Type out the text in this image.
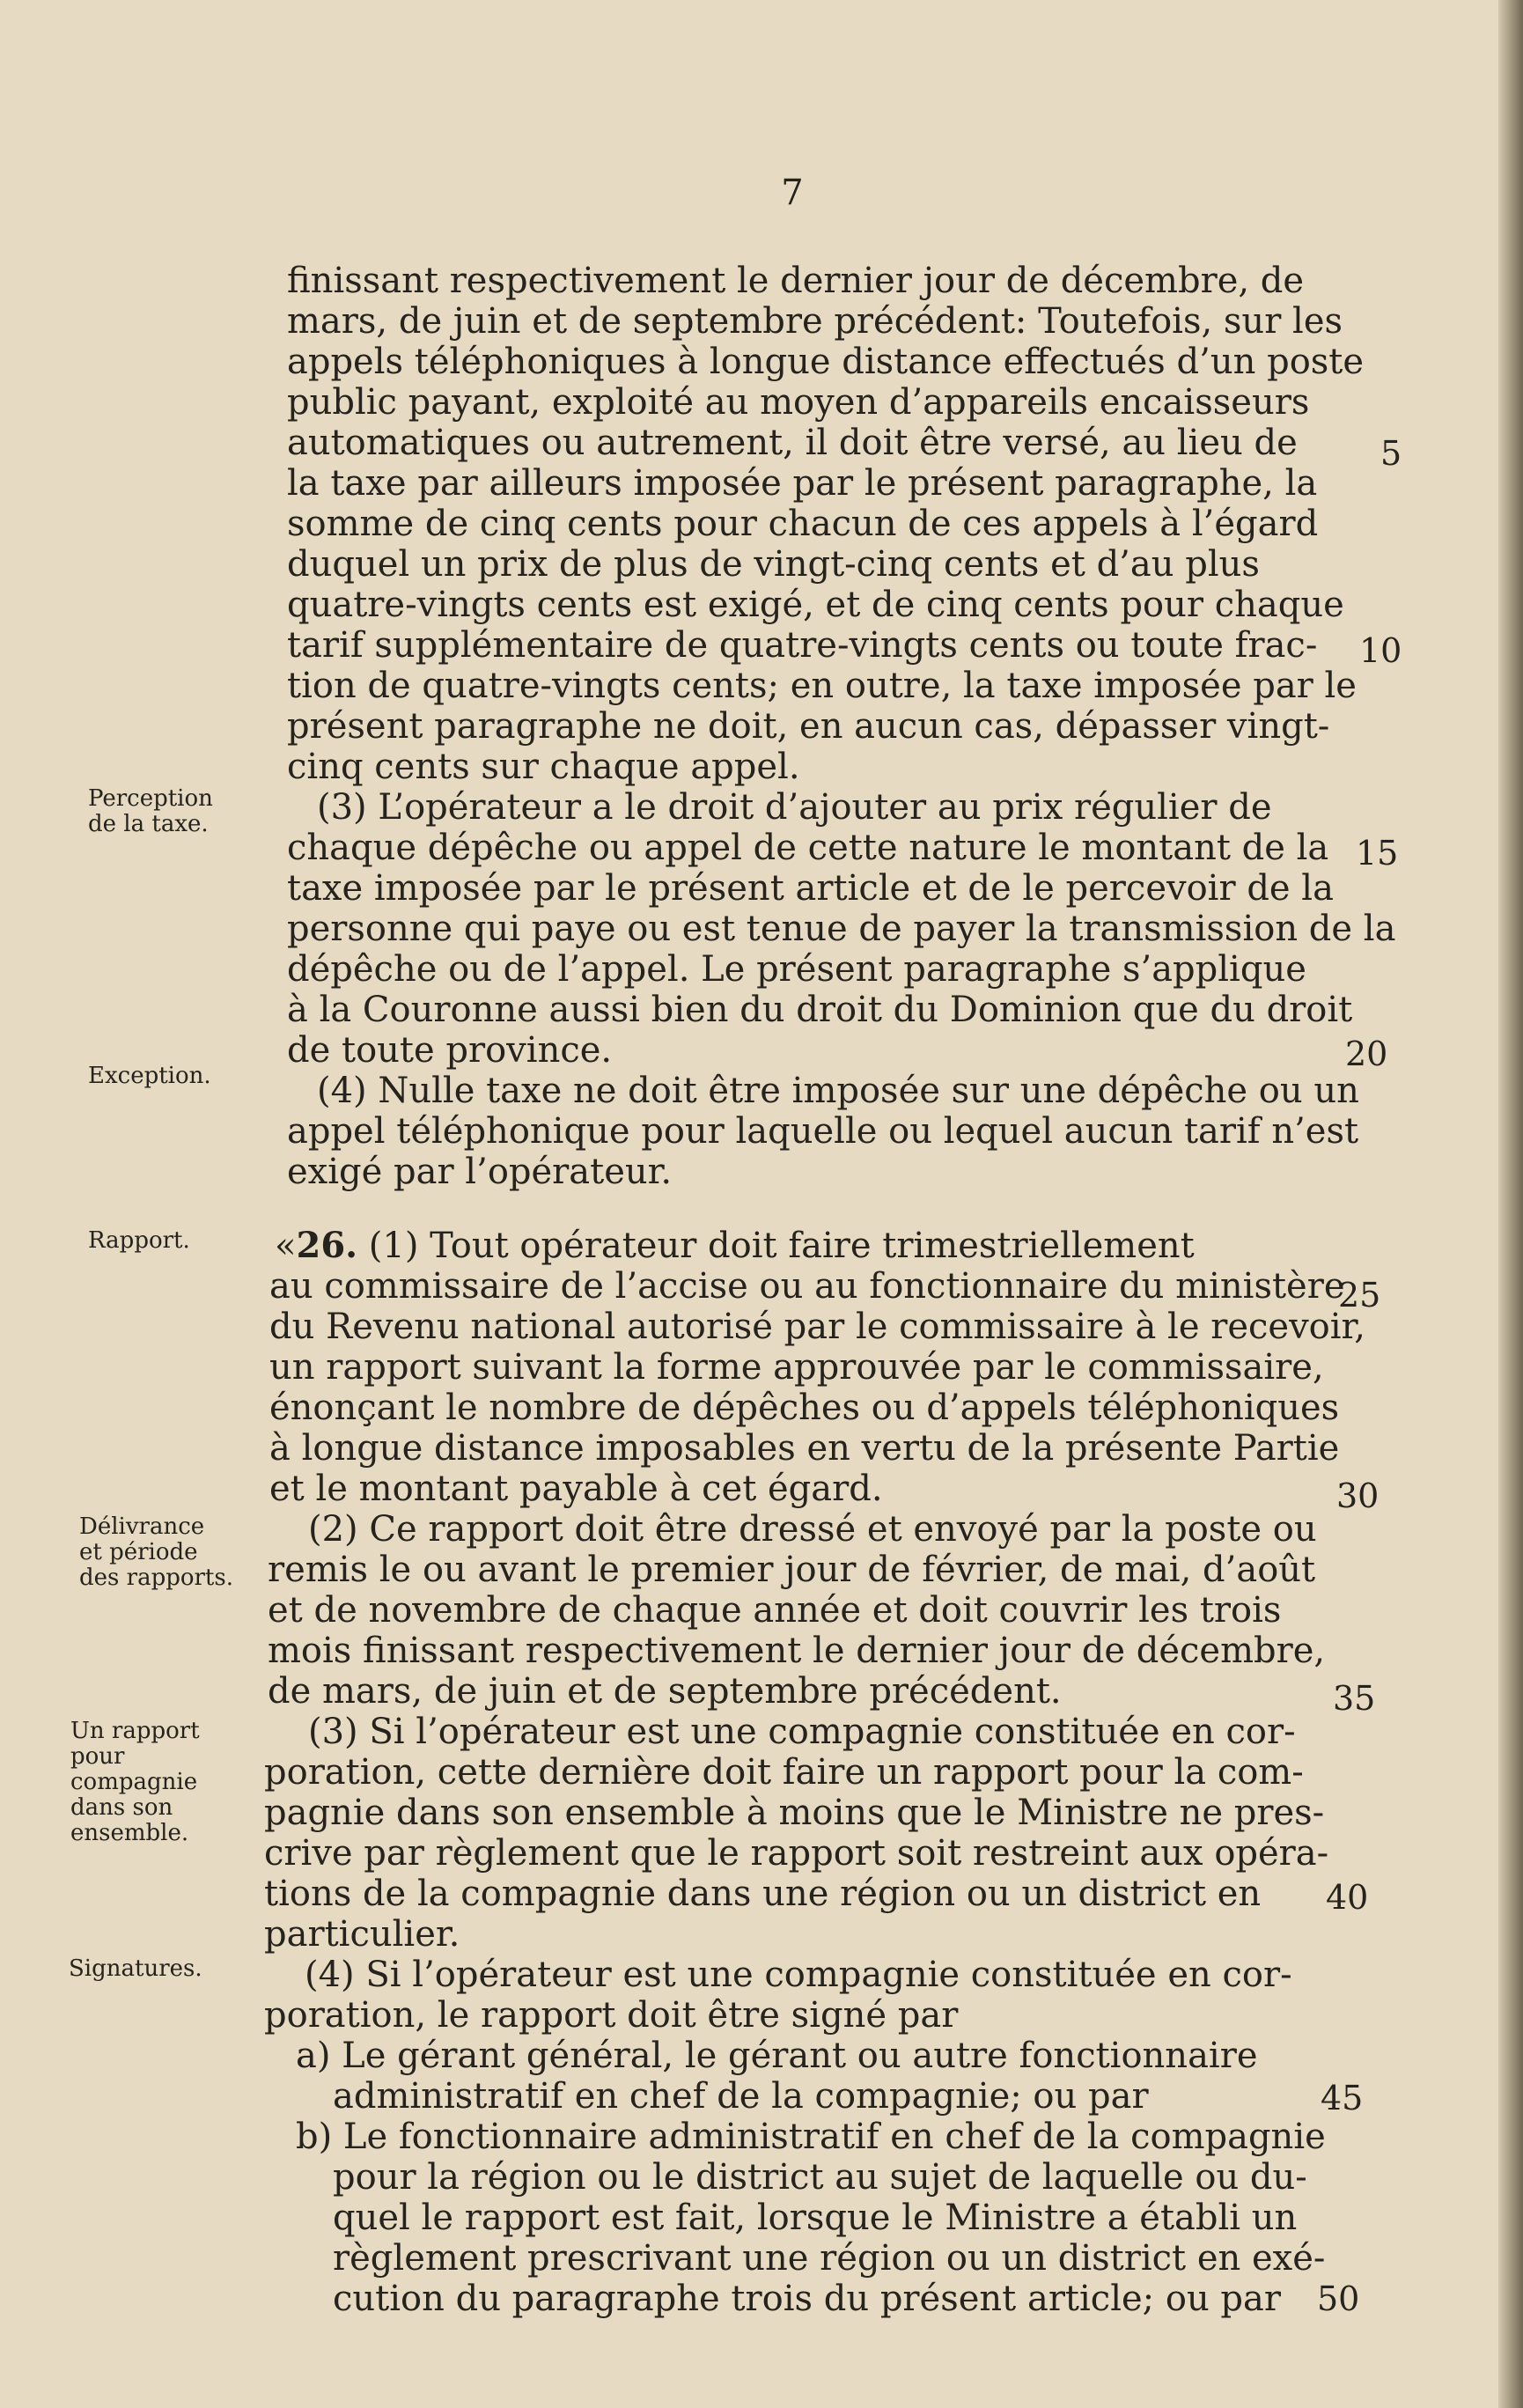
7

finissant respectivement le dernier jour de décembre, de

mars, de juin et de septembre précédent: Toutefois, sur les

appels téléphoniques à longue distance effectués d’un poste

public payant, exploité au moyen d’appareils encaisseurs

automatiques ou autrement, il doit être versé, au lieu de

la taxe par ailleurs imposée par le présent paragraphe, la

somme de cinq cents pour chacun de ces appels à l’égard

duquel un prix de plus de vingt-cinq cents et d’au plus

quatre-vingts cents est exigé, et de cinq cents pour chaque

tarif supplémentaire de quatre-vingts cents ou toute frac-

tion de quatre-vingts cents; en outre, la taxe imposée par le

présent paragraphe ne doit, en aucun cas, dépasser vingt-

cinq cents sur chaque appel.

Perception
de la taxe.	(3) L’opérateur a le droit d’ajouter au prix régulier de

chaque dépêche ou appel de cette nature le montant de la

taxe imposée par le présent article et de le percevoir de la

personne qui paye ou est tenue de payer la transmission de la

dépêche ou de l’appel. Le présent paragraphe s’applique

à la Couronne aussi bien du droit du Dominion que du droit

de toute province.

Exception.	(4) Nulle taxe ne doit être imposée sur une dépêche ou un

appel téléphonique pour laquelle ou lequel aucun tarif n’est

exigé par l’opérateur.

Rapport. «26. (1) Tout opérateur doit faire trimestriellement

au commissaire de l’accise ou au fonctionnaire du ministère

du Revenu national autorisé par le commissaire à le recevoir,

un rapport suivant la forme approuvée par le commissaire,

énonçant le nombre de dépêches ou d’appels téléphoniques

à longue distance imposables en vertu de la présente Partie

et le montant payable à cet égard.

Délivrance
et période
des rapports.

(2) Ce rapport doit être dressé et envoyé par la poste ou

remis le ou avant le premier jour de février, de mai, d’août

et de novembre de chaque année et doit couvrir les trois

mois finissant respectivement le dernier jour de décembre,

de mars, de juin et de septembre précédent.

Un rapport
pour
compagnie
dans son
ensemble.

(3) Si l’opérateur est une compagnie constituée en cor-

poration, cette dernière doit faire un rapport pour la com-

pagnie dans son ensemble à moins que le Ministre ne pres-

crive par règlement que le rapport soit restreint aux opéra-

tions de la compagnie dans une région ou un district en

particulier.

Signatures.	(4) Si l’opérateur est une compagnie constituée en cor-

poration, le rapport doit être signé par

a) Le gérant général, le gérant ou autre fonctionnaire

administratif en chef de la compagnie; ou par

b) Le fonctionnaire administratif en chef de la compagnie

pour la région ou le district au sujet de laquelle ou du-

quel le rapport est fait, lorsque le Ministre a établi un

règlement prescrivant une région ou un district en exé-

cution du paragraphe trois du présent article; ou par

5
10
15
20
25
30
35
40
45
50
